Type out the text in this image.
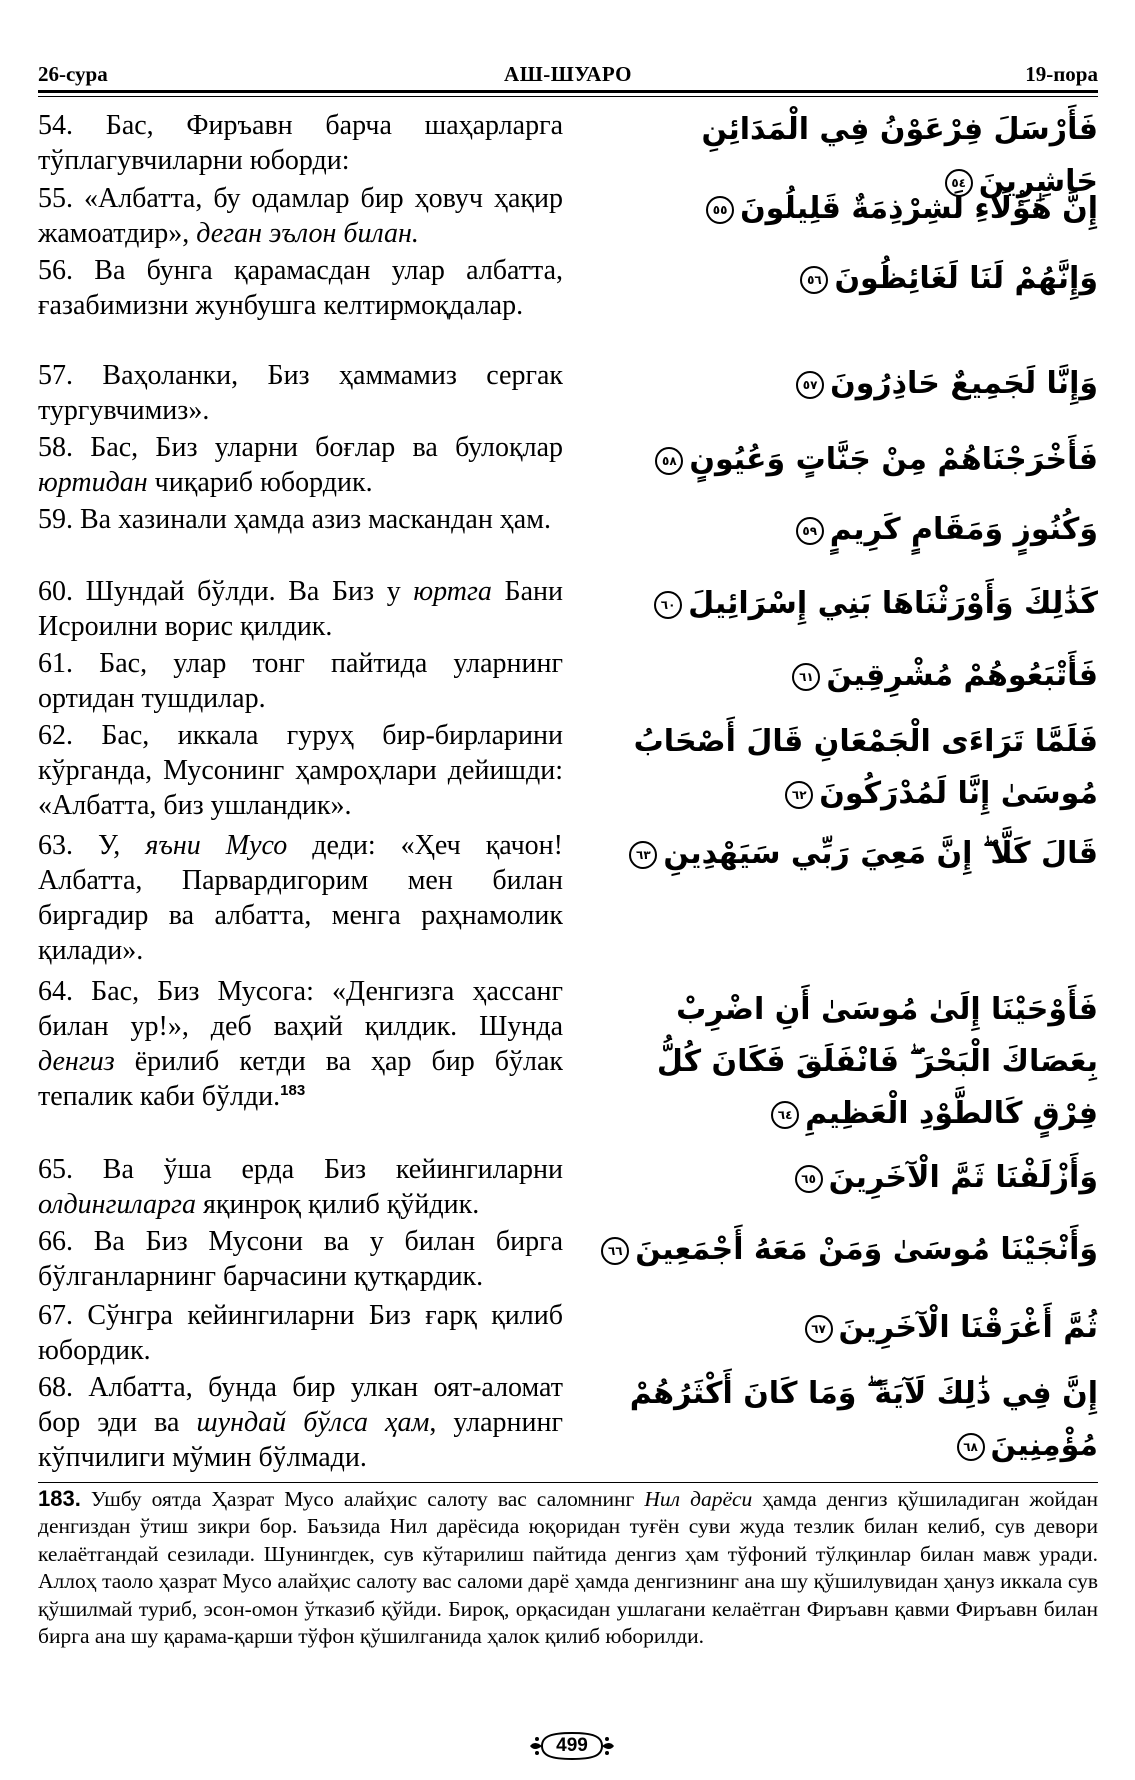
26-сура	АШ-ШУАРО	19-пора
54. Бас, Фиръавн барча шаҳарларга тўплагувчиларни юборди:
فَأَرْسَلَ فِرْعَوْنُ فِي الْمَدَائِنِ حَاشِرِينَ٥٤
55. «Албатта, бу одамлар бир ҳовуч ҳақир жамоатдир», деган эълон билан.
إِنَّ هَٰؤُلَاءِ لَشِرْذِمَةٌ قَلِيلُونَ٥٥
56. Ва бунга қарамасдан улар албатта, ғазабимизни жунбушга келтирмоқдалар.
وَإِنَّهُمْ لَنَا لَغَائِظُونَ٥٦
57. Ваҳоланки, Биз ҳаммамиз сергак тургувчимиз».
وَإِنَّا لَجَمِيعٌ حَاذِرُونَ٥٧
58. Бас, Биз уларни боғлар ва булоқлар юртидан чиқариб юбордик.
فَأَخْرَجْنَاهُمْ مِنْ جَنَّاتٍ وَعُيُونٍ٥٨
59. Ва хазинали ҳамда азиз маскандан ҳам.	وَكُنُوزٍ وَمَقَامٍ كَرِيمٍ٥٩
60. Шундай бўлди. Ва Биз у юртга Бани Исроилни ворис қилдик.
كَذَٰلِكَ وَأَوْرَثْنَاهَا بَنِي إِسْرَائِيلَ٦٠
61. Бас, улар тонг пайтида уларнинг ортидан тушдилар.
فَأَتْبَعُوهُمْ مُشْرِقِينَ٦١
62. Бас, иккала гуруҳ бир-бирларини кўрганда, Мусонинг ҳамроҳлари дейишди: «Албатта, биз ушландик».
فَلَمَّا تَرَاءَى الْجَمْعَانِ قَالَ أَصْحَابُ مُوسَىٰ إِنَّا لَمُدْرَكُونَ٦٢
63. У, яъни Мусо деди: «Ҳеч қачон! Албатта, Парвардигорим мен билан биргадир ва албатта, менга раҳнамолик қилади».
قَالَ كَلَّا ۖ إِنَّ مَعِيَ رَبِّي سَيَهْدِينِ٦٣
64. Бас, Биз Мусога: «Денгизга ҳассанг билан ур!», деб ваҳий қилдик. Шунда денгиз ёрилиб кетди ва ҳар бир бўлак тепалик каби бўлди.$^{183}$
فَأَوْحَيْنَا إِلَىٰ مُوسَىٰ أَنِ اضْرِبْ بِعَصَاكَ الْبَحْرَ ۖ فَانْفَلَقَ فَكَانَ كُلُّ فِرْقٍ كَالطَّوْدِ الْعَظِيمِ٦٤
65. Ва ўша ерда Биз кейингиларни олдингиларга яқинроқ қилиб қўйдик.
وَأَزْلَفْنَا ثَمَّ الْآخَرِينَ٦٥
66. Ва Биз Мусони ва у билан бирга бўлганларнинг барчасини қутқардик.
وَأَنْجَيْنَا مُوسَىٰ وَمَنْ مَعَهُ أَجْمَعِينَ٦٦
67. Сўнгра кейингиларни Биз ғарқ қилиб юбордик.
ثُمَّ أَغْرَقْنَا الْآخَرِينَ٦٧
68. Албатта, бунда бир улкан оят-аломат бор эди ва шундай бўлса ҳам, уларнинг кўпчилиги мўмин бўлмади.
إِنَّ فِي ذَٰلِكَ لَآيَةً ۖ وَمَا كَانَ أَكْثَرُهُمْ مُؤْمِنِينَ٦٨
183. Ушбу оятда Ҳазрат Мусо алайҳис салоту вас саломнинг Нил дарёси ҳамда денгиз қўшиладиган жойдан денгиздан ўтиш зикри бор. Баъзида Нил дарёсида юқоридан туғён суви жуда тезлик билан келиб, сув девори келаётгандай сезилади. Шунингдек, сув кўтарилиш пайтида денгиз ҳам тўфоний тўлқинлар билан мавж уради. Аллоҳ таоло ҳазрат Мусо алайҳис салоту вас саломи дарё ҳамда денгизнинг ана шу қўшилувидан ҳануз иккала сув қўшилмай туриб, эсон-омон ўтказиб қўйди. Бироқ, орқасидан ушлагани келаётган Фиръавн қавми Фиръавн билан бирга ана шу қарама-қарши тўфон қўшилганида ҳалок қилиб юборилди.
499
